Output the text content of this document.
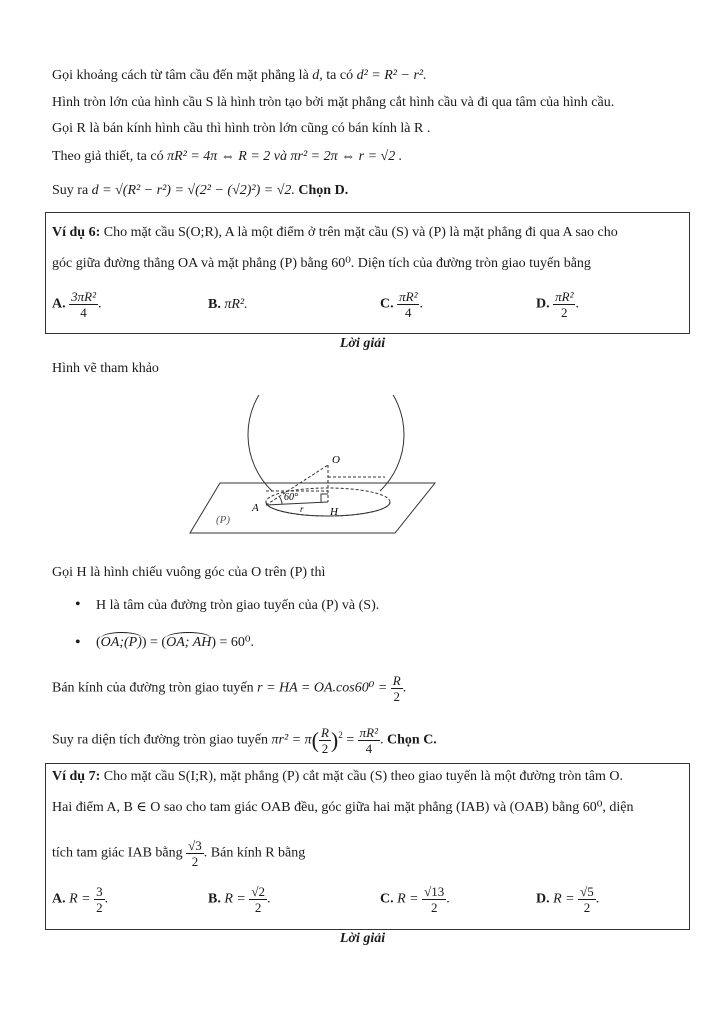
Gọi khoảng cách từ tâm cầu đến mặt phẳng là d, ta có d² = R² − r².
Hình tròn lớn của hình cầu S là hình tròn tạo bởi mặt phẳng cắt hình cầu và đi qua tâm của hình cầu.
Gọi R là bán kính hình cầu thì hình tròn lớn cũng có bán kính là R .
Theo giả thiết, ta có πR² = 4π ⇔ R = 2 và πr² = 2π ⇔ r = √2 .
Suy ra d = √(R² − r²) = √(2² − (√2)²) = √2. Chọn D.
Ví dụ 6: Cho mặt cầu S(O;R), A là một điểm ở trên mặt cầu (S) và (P) là mặt phẳng đi qua A sao cho
góc giữa đường thẳng OA và mặt phẳng (P) bằng 60⁰. Diện tích của đường tròn giao tuyến bằng
A. $\frac{\text{3πR²}}{4}$ .	B. πR².	C. $\frac{\text{πR²}}{4}$ .	D. $\frac{\text{πR²}}{2}$ .
Lời giải
Hình vẽ tham khảo
O
A	H
r
(P)
60°
Gọi H là hình chiếu vuông góc của O trên (P) thì
• H là tâm của đường tròn giao tuyến của (P) và (S).
• (OA;(P)) = (OA; AH) = 60⁰.
Bán kính của đường tròn giao tuyến r = HA = $OA.\cos 60^0 = \frac{R}{2}$ .
Suy ra diện tích đường tròn giao tuyến $\pi r^2 = \pi( \frac{R}{2} )^2 = \frac{\text{πR²}}{4}$ . Chọn C.
Ví dụ 7: Cho mặt cầu S(I;R), mặt phẳng (P) cắt mặt cầu (S) theo giao tuyến là một đường tròn tâm O.
Hai điểm A, B ∈ O sao cho tam giác OAB đều, góc giữa hai mặt phẳng (IAB) và (OAB) bằng 60⁰, diện
tích tam giác IAB bằng $\frac{√3}{2}$ . Bán kính R bằng
A. $R = \frac{3}{2}$ .	B. $R = \frac{√2}{2}$ .	C. $R = \frac{√13}{2}$ .	D. $R = \frac{√5}{2}$ .
Lời giải
